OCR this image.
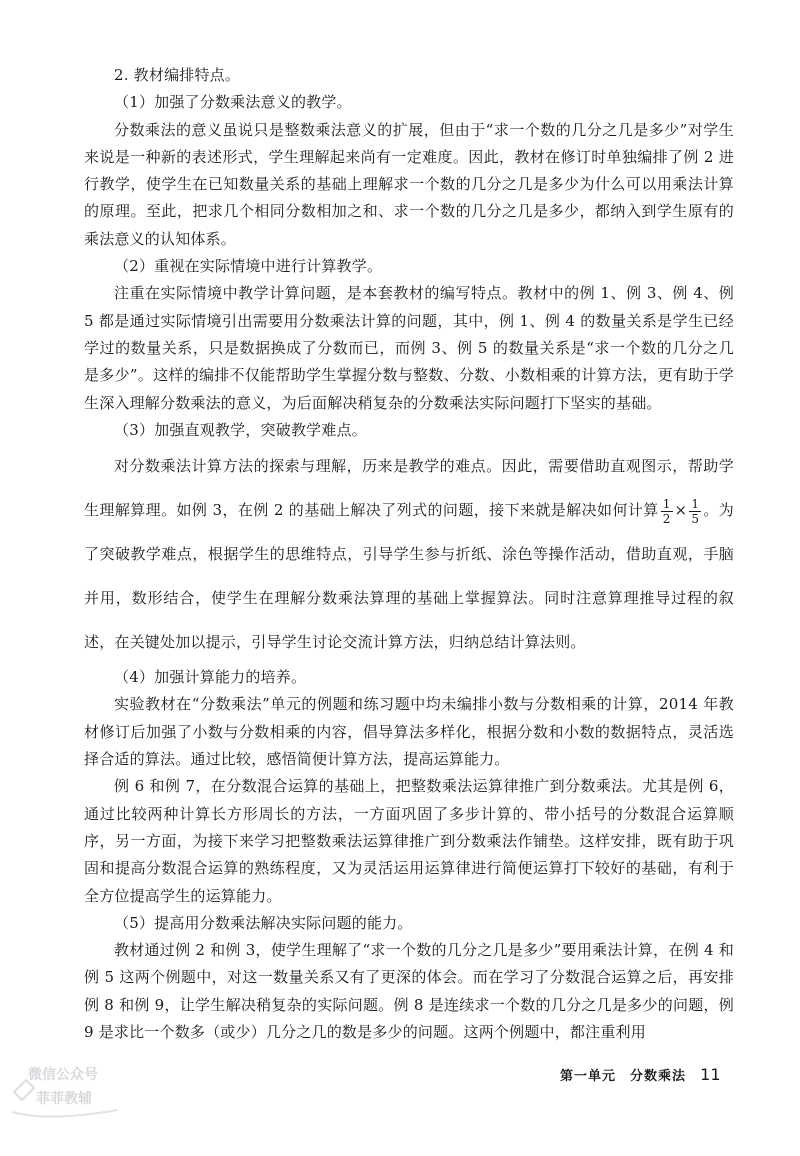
2. 教材编排特点。

（1）加强了分数乘法意义的教学。

分数乘法的意义虽说只是整数乘法意义的扩展，但由于“求一个数的几分之几是多少”对学生来说是一种新的表述形式，学生理解起来尚有一定难度。因此，教材在修订时单独编排了例 2 进行教学，使学生在已知数量关系的基础上理解求一个数的几分之几是多少为什么可以用乘法计算的原理。至此，把求几个相同分数相加之和、求一个数的几分之几是多少，都纳入到学生原有的乘法意义的认知体系。

（2）重视在实际情境中进行计算教学。

注重在实际情境中教学计算问题，是本套教材的编写特点。教材中的例 1、例 3、例 4、例 5 都是通过实际情境引出需要用分数乘法计算的问题，其中，例 1、例 4 的数量关系是学生已经学过的数量关系，只是数据换成了分数而已，而例 3、例 5 的数量关系是“求一个数的几分之几是多少”。这样的编排不仅能帮助学生掌握分数与整数、分数、小数相乘的计算方法，更有助于学生深入理解分数乘法的意义，为后面解决稍复杂的分数乘法实际问题打下坚实的基础。

（3）加强直观教学，突破教学难点。

对分数乘法计算方法的探索与理解，历来是教学的难点。因此，需要借助直观图示，帮助学生理解算理。如例 3，在例 2 的基础上解决了列式的问题，接下来就是解决如何计算 $\frac{1}{2} \times \frac{1}{5}$ 。为了突破教学难点，根据学生的思维特点，引导学生参与折纸、涂色等操作活动，借助直观，手脑并用，数形结合，使学生在理解分数乘法算理的基础上掌握算法。同时注意算理推导过程的叙述，在关键处加以提示，引导学生讨论交流计算方法，归纳总结计算法则。

（4）加强计算能力的培养。

实验教材在“分数乘法”单元的例题和练习题中均未编排小数与分数相乘的计算，2014 年教材修订后加强了小数与分数相乘的内容，倡导算法多样化，根据分数和小数的数据特点，灵活选择合适的算法。通过比较，感悟简便计算方法，提高运算能力。

例 6 和例 7，在分数混合运算的基础上，把整数乘法运算律推广到分数乘法。尤其是例 6，通过比较两种计算长方形周长的方法，一方面巩固了多步计算的、带小括号的分数混合运算顺序，另一方面，为接下来学习把整数乘法运算律推广到分数乘法作铺垫。这样安排，既有助于巩固和提高分数混合运算的熟练程度，又为灵活运用运算律进行简便运算打下较好的基础，有利于全方位提高学生的运算能力。

（5）提高用分数乘法解决实际问题的能力。

教材通过例 2 和例 3，使学生理解了“求一个数的几分之几是多少”要用乘法计算，在例 4 和例 5 这两个例题中，对这一数量关系又有了更深的体会。而在学习了分数混合运算之后，再安排例 8 和例 9，让学生解决稍复杂的实际问题。例 8 是连续求一个数的几分之几是多少的问题，例 9 是求比一个数多（或少）几分之几的数是多少的问题。这两个例题中，都注重利用

微信公众号
菲菲教辅
第一单元　分数乘法 11
